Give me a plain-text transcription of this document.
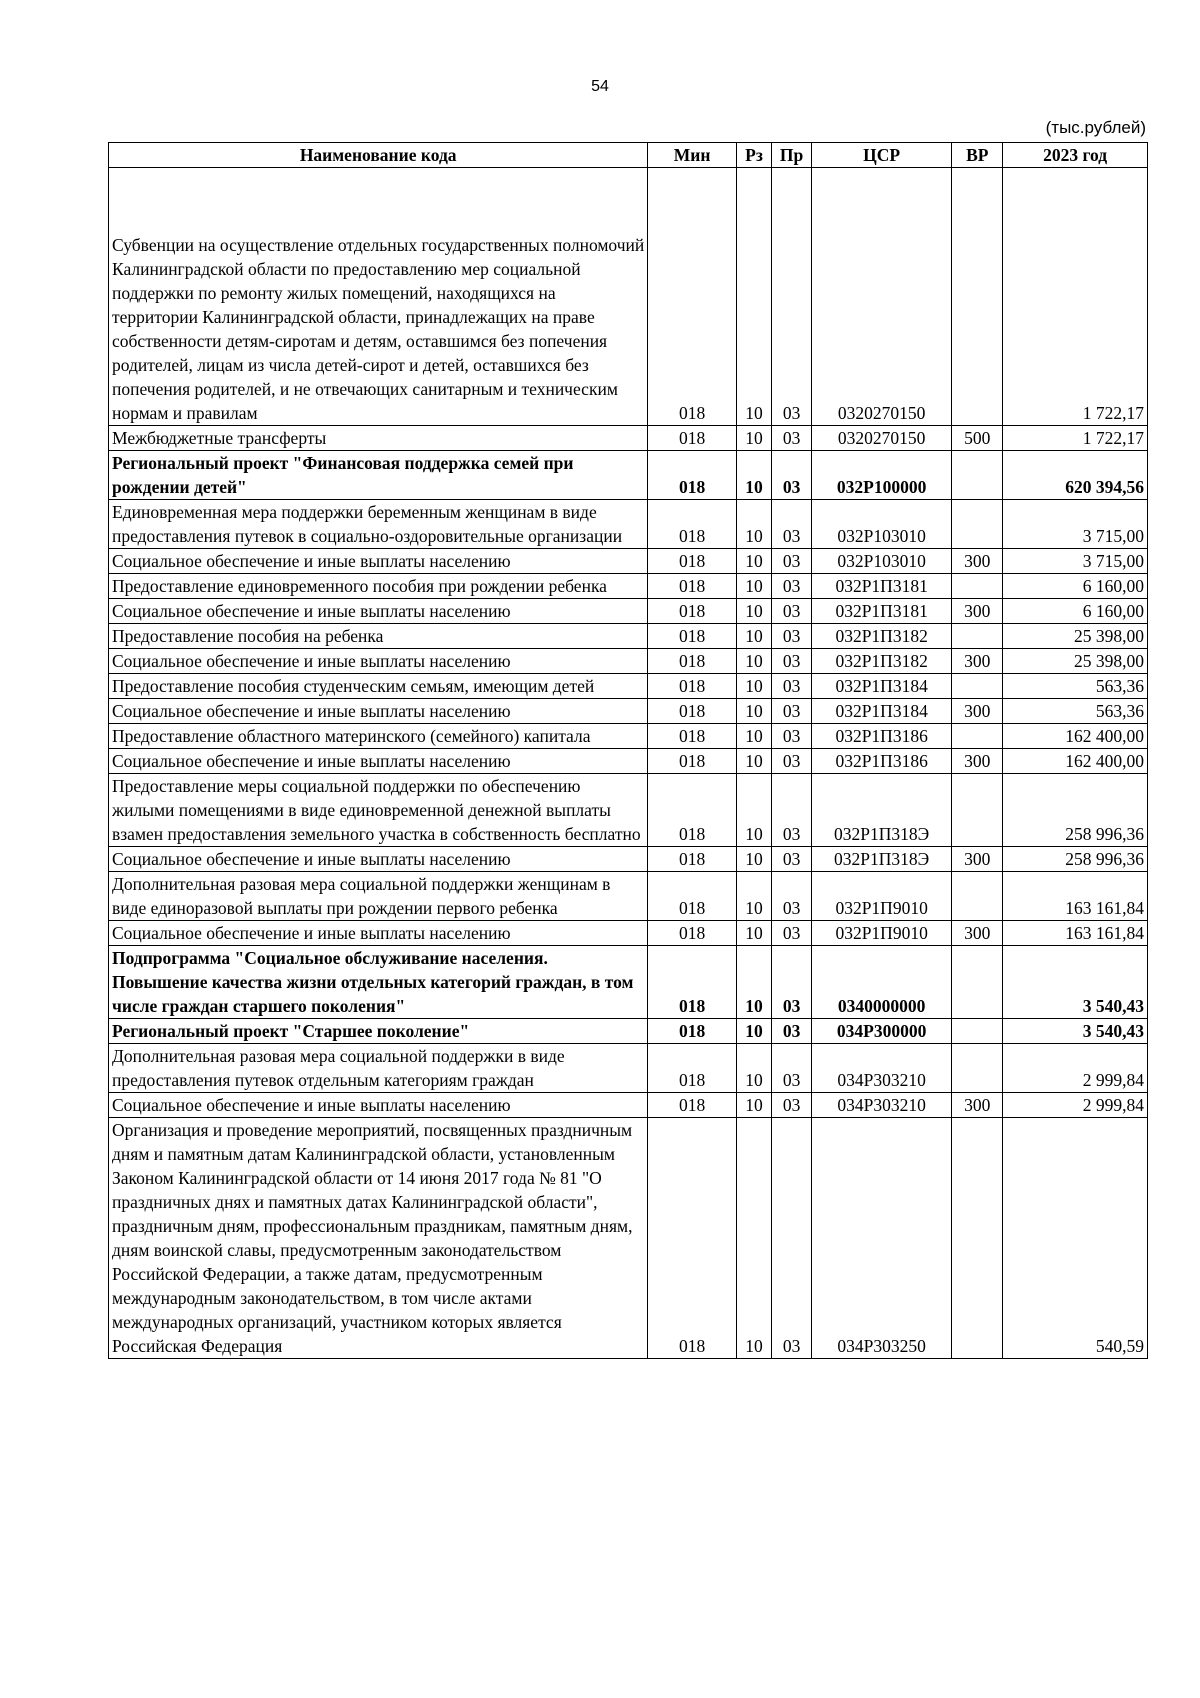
54
(тыс.рублей)
Наименование кода	Мин	Рз	Пр	ЦСР	ВР	2023 год
Субвенции на осуществление отдельных государственных полномочий Калининградской области по предоставлению мер социальной поддержки по ремонту жилых помещений, находящихся на территории Калининградской области, принадлежащих на праве собственности детям-сиротам и детям, оставшимся без попечения родителей, лицам из числа детей-сирот и детей, оставшихся без попечения родителей, и не отвечающих санитарным и техническим нормам и правилам	018	10	03	0320270150		1 722,17
Межбюджетные трансферты	018	10	03	0320270150	500	1 722,17
Региональный проект "Финансовая поддержка семей при рождении детей"	018	10	03	032P100000		620 394,56
Единовременная мера поддержки беременным женщинам в виде предоставления путевок в социально-оздоровительные организации	018	10	03	032P103010		3 715,00
Социальное обеспечение и иные выплаты населению	018	10	03	032P103010	300	3 715,00
Предоставление единовременного пособия при рождении ребенка	018	10	03	032P1П3181		6 160,00
Социальное обеспечение и иные выплаты населению	018	10	03	032P1П3181	300	6 160,00
Предоставление пособия на ребенка	018	10	03	032P1П3182		25 398,00
Социальное обеспечение и иные выплаты населению	018	10	03	032P1П3182	300	25 398,00
Предоставление пособия студенческим семьям, имеющим детей	018	10	03	032P1П3184		563,36
Социальное обеспечение и иные выплаты населению	018	10	03	032P1П3184	300	563,36
Предоставление областного материнского (семейного) капитала	018	10	03	032P1П3186		162 400,00
Социальное обеспечение и иные выплаты населению	018	10	03	032P1П3186	300	162 400,00
Предоставление меры социальной поддержки по обеспечению жилыми помещениями в виде единовременной денежной выплаты взамен предоставления земельного участка в собственность бесплатно	018	10	03	032P1П318Э		258 996,36
Социальное обеспечение и иные выплаты населению	018	10	03	032P1П318Э	300	258 996,36
Дополнительная разовая мера социальной поддержки женщинам в виде единоразовой выплаты при рождении первого ребенка	018	10	03	032P1П9010		163 161,84
Социальное обеспечение и иные выплаты населению	018	10	03	032P1П9010	300	163 161,84
Подпрограмма "Социальное обслуживание населения. Повышение качества жизни отдельных категорий граждан, в том числе граждан старшего поколения"	018	10	03	0340000000		3 540,43
Региональный проект "Старшее поколение"	018	10	03	034P300000		3 540,43
Дополнительная разовая мера социальной поддержки в виде предоставления путевок отдельным категориям граждан	018	10	03	034P303210		2 999,84
Социальное обеспечение и иные выплаты населению	018	10	03	034P303210	300	2 999,84
Организация и проведение мероприятий, посвященных праздничным дням и памятным датам Калининградской области, установленным Законом Калининградской области от 14 июня 2017 года № 81 "О праздничных днях и памятных датах Калининградской области", праздничным дням, профессиональным праздникам, памятным дням, дням воинской славы, предусмотренным законодательством Российской Федерации, а также датам, предусмотренным международным законодательством, в том числе актами международных организаций, участником которых является Российская Федерация	018	10	03	034P303250		540,59
